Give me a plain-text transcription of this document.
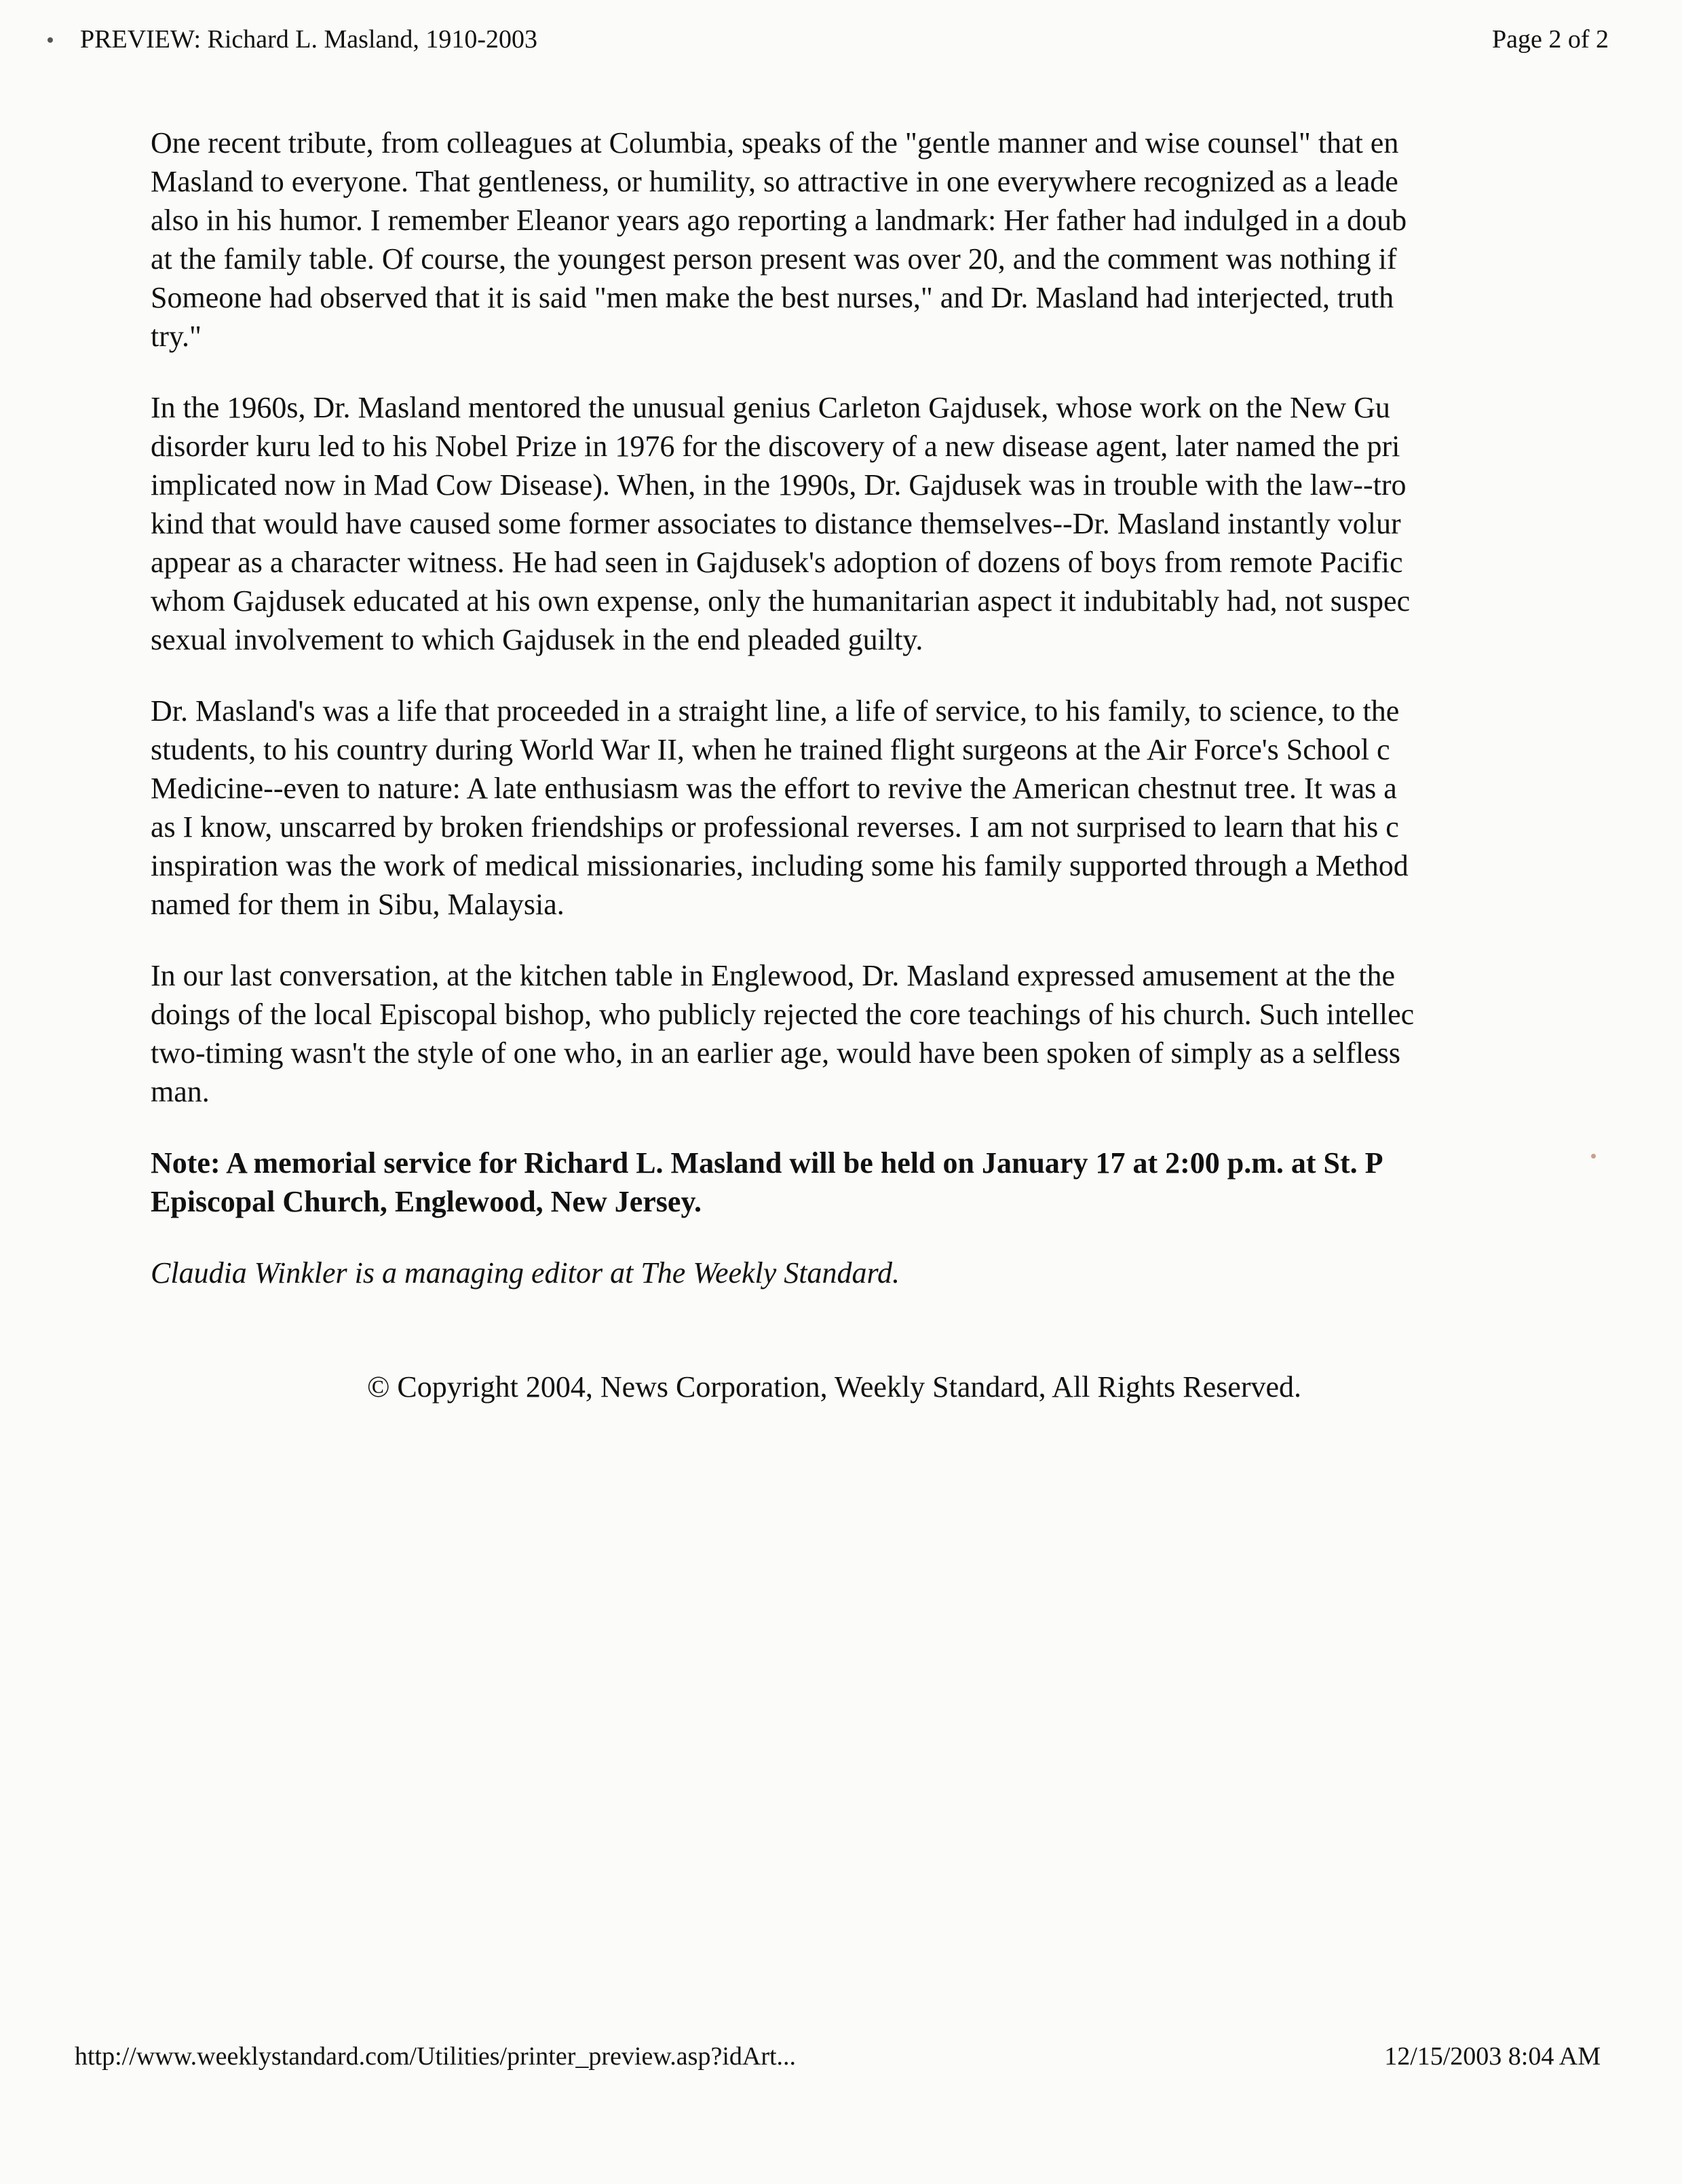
PREVIEW: Richard L. Masland, 1910-2003	Page 2 of 2

One recent tribute, from colleagues at Columbia, speaks of the "gentle manner and wise counsel" that en
Masland to everyone. That gentleness, or humility, so attractive in one everywhere recognized as a leade
also in his humor. I remember Eleanor years ago reporting a landmark: Her father had indulged in a doub
at the family table. Of course, the youngest person present was over 20, and the comment was nothing if
Someone had observed that it is said "men make the best nurses," and Dr. Masland had interjected, truth
try."

In the 1960s, Dr. Masland mentored the unusual genius Carleton Gajdusek, whose work on the New Gu
disorder kuru led to his Nobel Prize in 1976 for the discovery of a new disease agent, later named the pri
implicated now in Mad Cow Disease). When, in the 1990s, Dr. Gajdusek was in trouble with the law--tro
kind that would have caused some former associates to distance themselves--Dr. Masland instantly volur
appear as a character witness. He had seen in Gajdusek's adoption of dozens of boys from remote Pacific
whom Gajdusek educated at his own expense, only the humanitarian aspect it indubitably had, not suspec
sexual involvement to which Gajdusek in the end pleaded guilty.

Dr. Masland's was a life that proceeded in a straight line, a life of service, to his family, to science, to the
students, to his country during World War II, when he trained flight surgeons at the Air Force's School c
Medicine--even to nature: A late enthusiasm was the effort to revive the American chestnut tree. It was a
as I know, unscarred by broken friendships or professional reverses. I am not surprised to learn that his c
inspiration was the work of medical missionaries, including some his family supported through a Method
named for them in Sibu, Malaysia.

In our last conversation, at the kitchen table in Englewood, Dr. Masland expressed amusement at the the
doings of the local Episcopal bishop, who publicly rejected the core teachings of his church. Such intellec
two-timing wasn't the style of one who, in an earlier age, would have been spoken of simply as a selfless
man.

Note: A memorial service for Richard L. Masland will be held on January 17 at 2:00 p.m. at St. P
Episcopal Church, Englewood, New Jersey.

Claudia Winkler is a managing editor at The Weekly Standard.

© Copyright 2004, News Corporation, Weekly Standard, All Rights Reserved.
http://www.weeklystandard.com/Utilities/printer_preview.asp?idArt...	12/15/2003 8:04 AM
